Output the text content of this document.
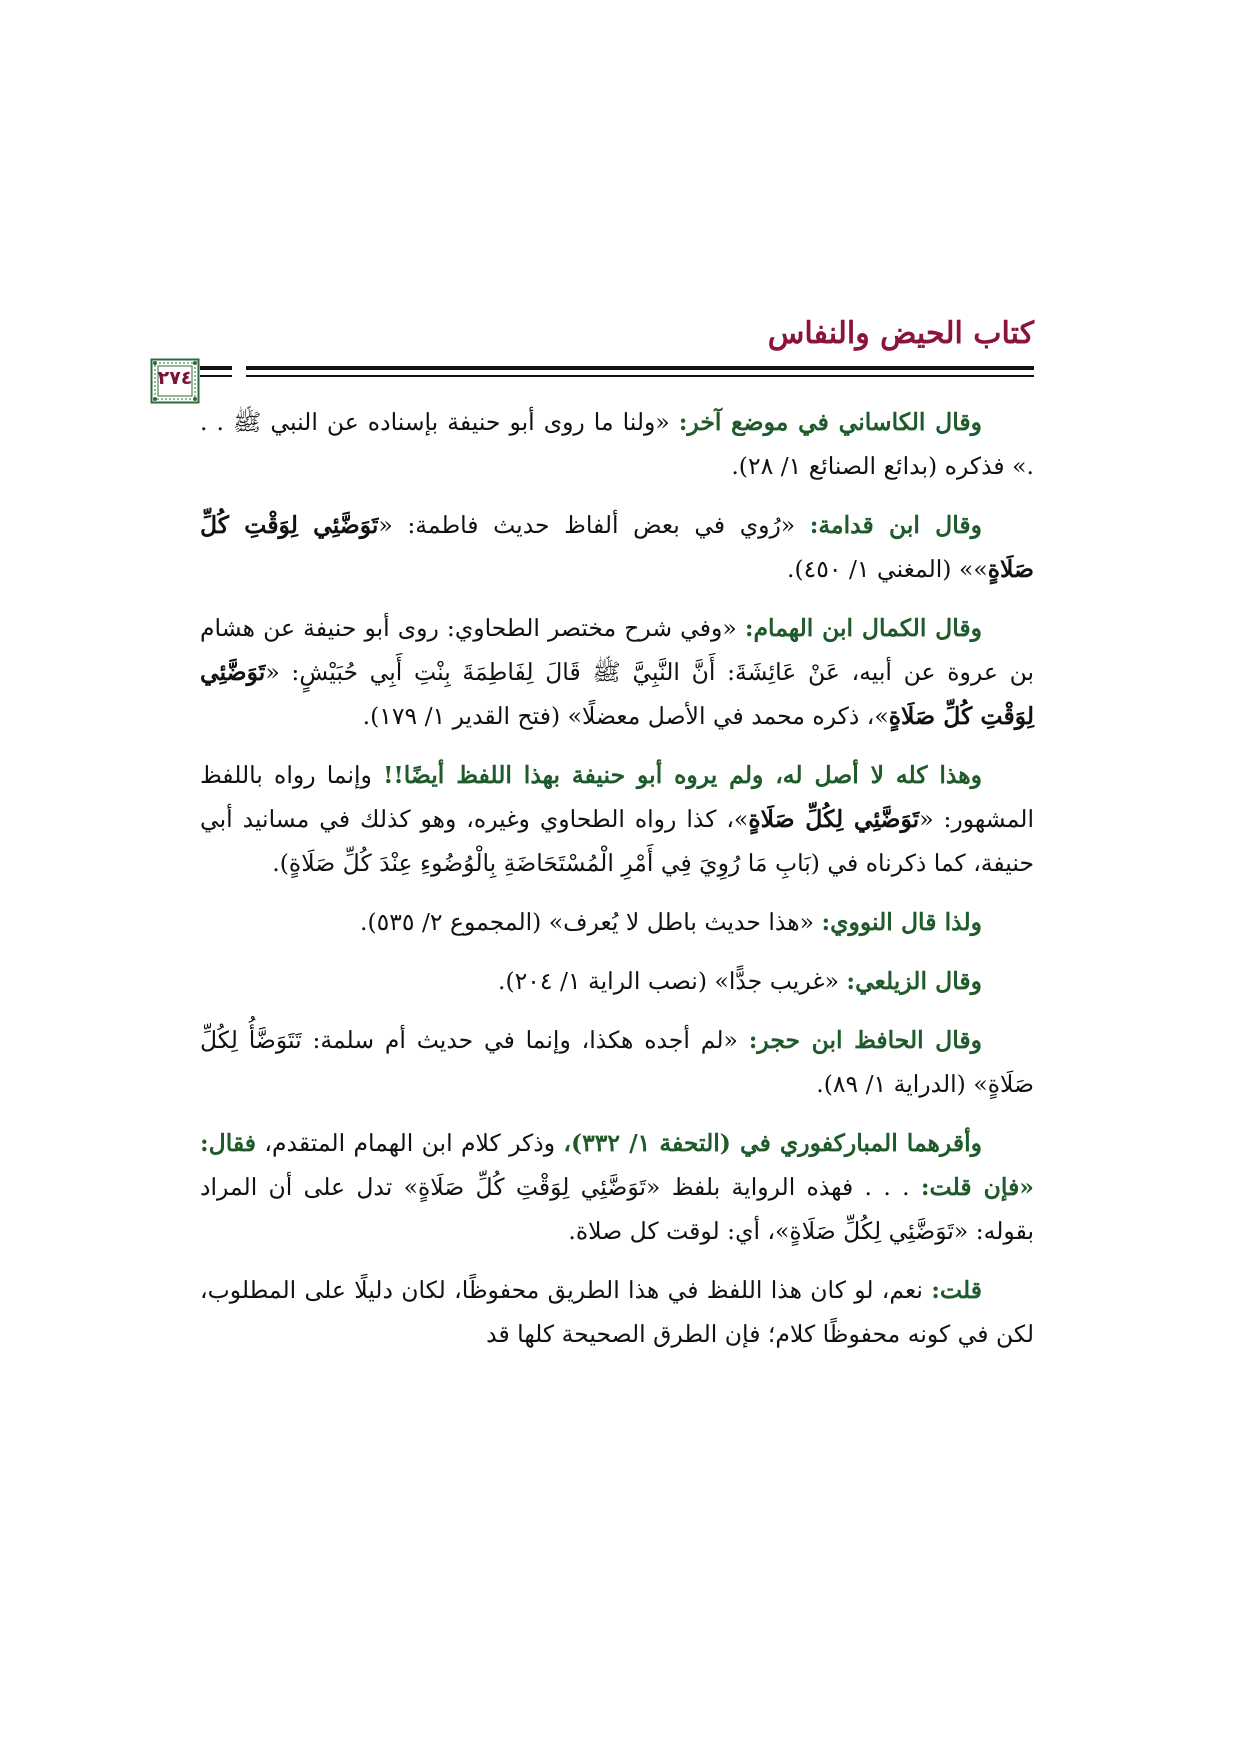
كتاب الحيض والنفاس
٢٧٤

وقال الكاساني في موضع آخر: «ولنا ما روى أبو حنيفة بإسناده عن النبي ﷺ . . .» فذكره (بدائع الصنائع ١/ ٢٨).

وقال ابن قدامة: «رُوي في بعض ألفاظ حديث فاطمة: «تَوَضَّئِي لِوَقْتِ كُلِّ صَلَاةٍ»» (المغني ١/ ٤٥٠).

وقال الكمال ابن الهمام: «وفي شرح مختصر الطحاوي: روى أبو حنيفة عن هشام بن عروة عن أبيه، عَنْ عَائِشَةَ: أَنَّ النَّبِيَّ ﷺ قَالَ لِفَاطِمَةَ بِنْتِ أَبِي حُبَيْشٍ: «تَوَضَّئِي لِوَقْتِ كُلِّ صَلَاةٍ»، ذكره محمد في الأصل معضلًا» (فتح القدير ١/ ١٧٩).

وهذا كله لا أصل له، ولم يروه أبو حنيفة بهذا اللفظ أيضًا!! وإنما رواه باللفظ المشهور: «تَوَضَّئِي لِكُلِّ صَلَاةٍ»، كذا رواه الطحاوي وغيره، وهو كذلك في مسانيد أبي حنيفة، كما ذكرناه في (بَابِ مَا رُوِيَ فِي أَمْرِ الْمُسْتَحَاضَةِ بِالْوُضُوءِ عِنْدَ كُلِّ صَلَاةٍ).

ولذا قال النووي: «هذا حديث باطل لا يُعرف» (المجموع ٢/ ٥٣٥).

وقال الزيلعي: «غريب جدًّا» (نصب الراية ١/ ٢٠٤).

وقال الحافظ ابن حجر: «لم أجده هكذا، وإنما في حديث أم سلمة: تَتَوَضَّأُ لِكُلِّ صَلَاةٍ» (الدراية ١/ ٨٩).

وأقرهما المباركفوري في (التحفة ١/ ٣٣٢)، وذكر كلام ابن الهمام المتقدم، فقال: «فإن قلت: . . . فهذه الرواية بلفظ «تَوَضَّئِي لِوَقْتِ كُلِّ صَلَاةٍ» تدل على أن المراد بقوله: «تَوَضَّئِي لِكُلِّ صَلَاةٍ»، أي: لوقت كل صلاة.

قلت: نعم، لو كان هذا اللفظ في هذا الطريق محفوظًا، لكان دليلًا على المطلوب، لكن في كونه محفوظًا كلام؛ فإن الطرق الصحيحة كلها قد
